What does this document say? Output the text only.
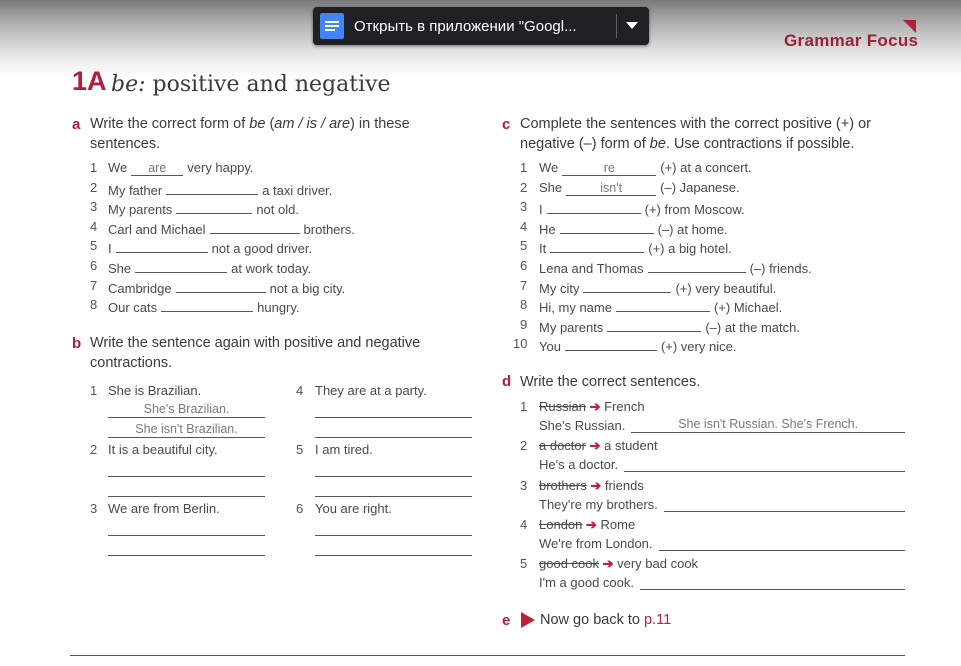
Открыть в приложении "Googl...
Grammar Focus
1A be: positive and negative
a Write the correct form of be (am / is / are) in these
sentences.
1 We are very happy.
2 My father	a taxi driver.
3 My parents	not old.
4 Carl and Michael	brothers.
5 I	not a good driver.
6 She	at work today.
7 Cambridge	not a big city.
8 Our cats	hungry.
b Write the sentence again with positive and negative
contractions.
1 She is Brazilian.
She's Brazilian.
She isn't Brazilian.
2 It is a beautiful city.
3 We are from Berlin.
4 They are at a party.
5 I am tired.
6 You are right.
c Complete the sentences with the correct positive (+) or
negative (–) form of be. Use contractions if possible.
1 We	re	(+) at a concert.
2 She	isn't	(–) Japanese.
3 I	(+) from Moscow.
4 He	(–) at home.
5 It	(+) a big hotel.
6 Lena and Thomas	(–) friends.
7 My city	(+) very beautiful.
8 Hi, my name	(+) Michael.
9 My parents	(–) at the match.
10 You	(+) very nice.
d Write the correct sentences.
1 Russian ➔ French
She's Russian.	She isn't Russian. She's French.
2 a doctor ➔ a student
He's a doctor.
3 brothers ➔ friends
They're my brothers.
4 London ➔ Rome
We're from London.
5 good cook ➔ very bad cook
I'm a good cook.
e Now go back to p.11
